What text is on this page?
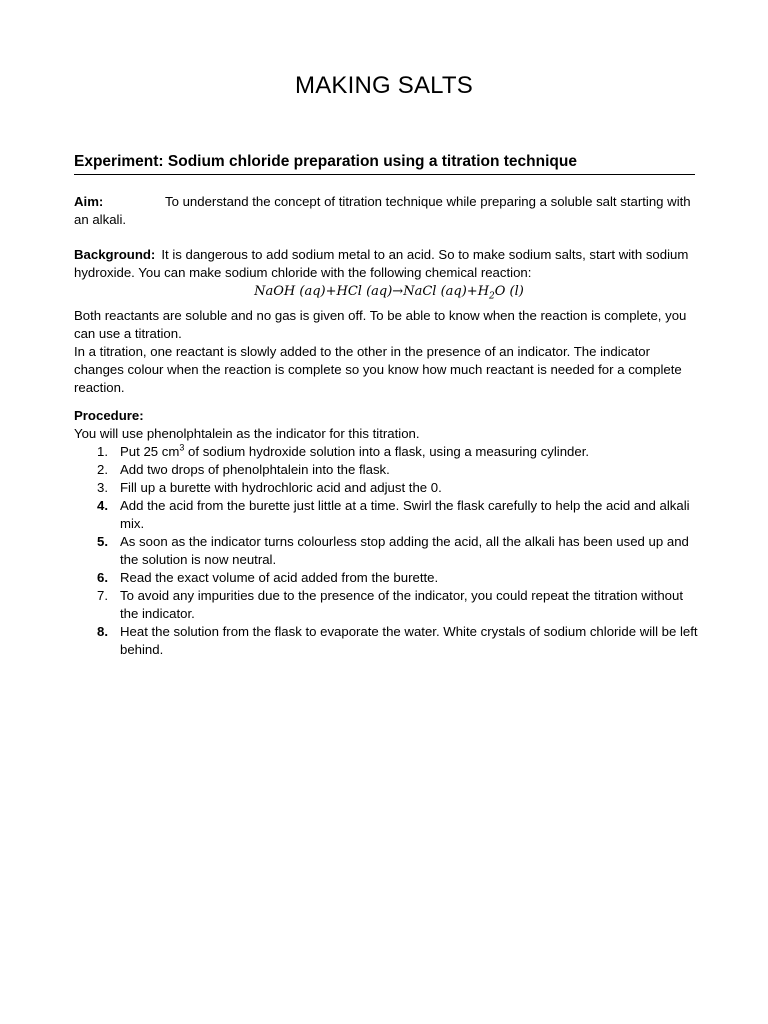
MAKING SALTS
Experiment: Sodium chloride preparation using a titration technique
Aim:	To understand the concept of titration technique while preparing a soluble salt starting with an alkali.
Background: It is dangerous to add sodium metal to an acid. So to make sodium salts, start with sodium hydroxide. You can make sodium chloride with the following chemical reaction:
NaOH (aq)+HCl (aq)→NaCl $(aq)+H_2O$ (l)
Both reactants are soluble and no gas is given off. To be able to know when the reaction is complete, you can use a titration.
In a titration, one reactant is slowly added to the other in the presence of an indicator. The indicator changes colour when the reaction is complete so you know how much reactant is needed for a complete reaction.
Procedure:
You will use phenolphtalein as the indicator for this titration.
1. Put 25 $cm^3$ of sodium hydroxide solution into a flask, using a measuring cylinder.
2. Add two drops of phenolphtalein into the flask.
3. Fill up a burette with hydrochloric acid and adjust the 0.
4. Add the acid from the burette just little at a time. Swirl the flask carefully to help the acid and alkali mix.
5. As soon as the indicator turns colourless stop adding the acid, all the alkali has been used up and the solution is now neutral.
6. Read the exact volume of acid added from the burette.
7. To avoid any impurities due to the presence of the indicator, you could repeat the titration without the indicator.
8. Heat the solution from the flask to evaporate the water. White crystals of sodium chloride will be left behind.
